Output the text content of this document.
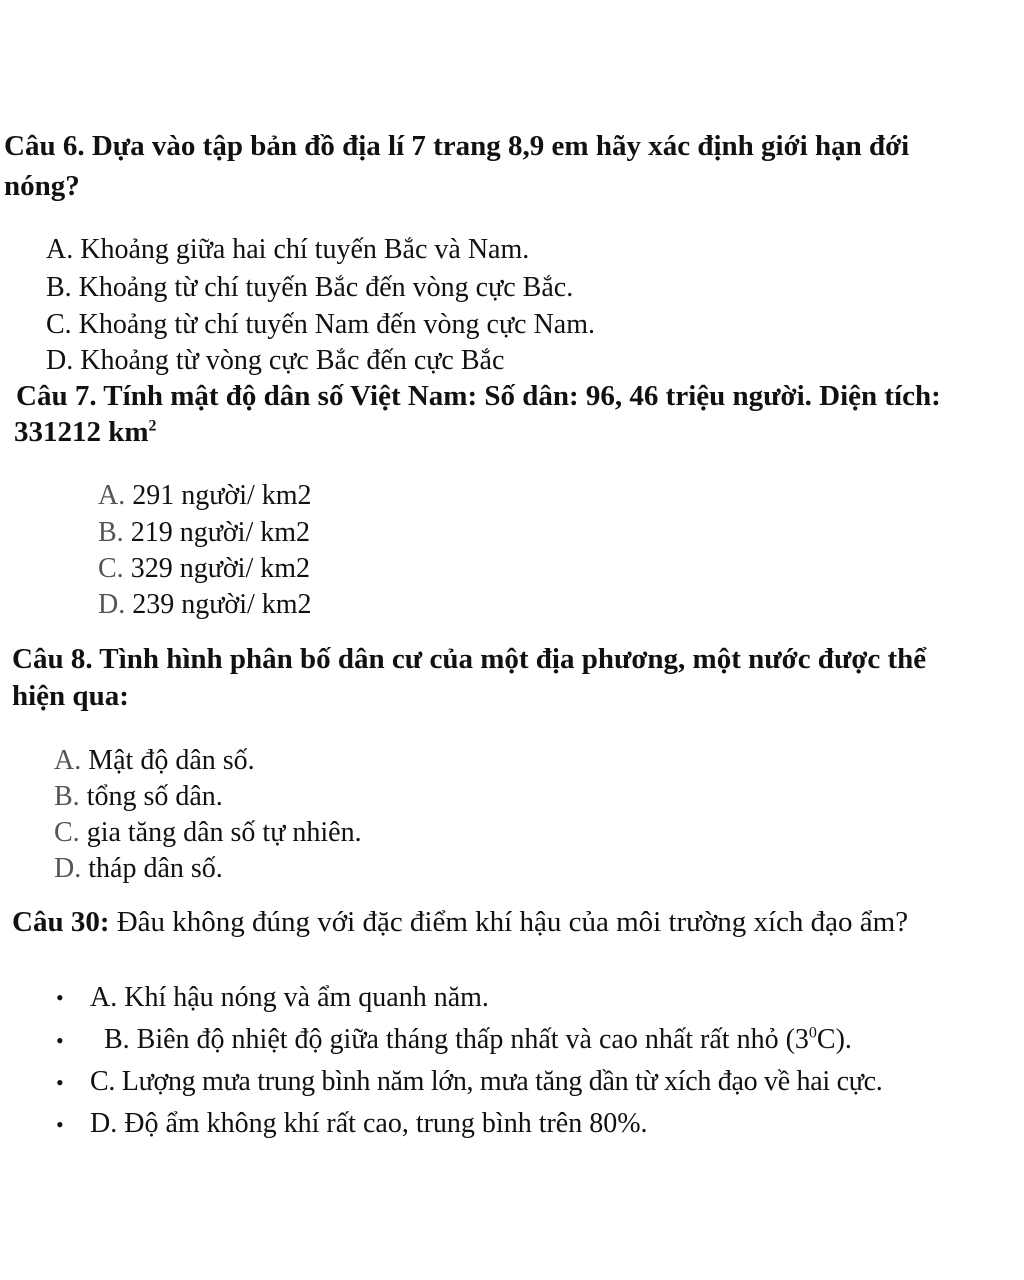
Câu 6. Dựa vào tập bản đồ địa lí 7 trang 8,9 em hãy xác định giới hạn đới
nóng?
A. Khoảng giữa hai chí tuyến Bắc và Nam.
B. Khoảng từ chí tuyến Bắc đến vòng cực Bắc.
C. Khoảng từ chí tuyến Nam đến vòng cực Nam.
D. Khoảng từ vòng cực Bắc đến cực Bắc
Câu 7. Tính mật độ dân số Việt Nam: Số dân: 96, 46 triệu người. Diện tích:
331212 $km^2$
A. 291 người/ km2
B. 219 người/ km2
C. 329 người/ km2
D. 239 người/ km2
Câu 8. Tình hình phân bố dân cư của một địa phương, một nước được thể
hiện qua:
A. Mật độ dân số.
B. tổng số dân.
C. gia tăng dân số tự nhiên.
D. tháp dân số.
Câu 30: Đâu không đúng với đặc điểm khí hậu của môi trường xích đạo ẩm?
• A. Khí hậu nóng và ẩm quanh năm.
• B. Biên độ nhiệt độ giữa tháng thấp nhất và cao nhất rất nhỏ $(3^0C)$.
• C. Lượng mưa trung bình năm lớn, mưa tăng dần từ xích đạo về hai cực.
• D. Độ ẩm không khí rất cao, trung bình trên 80%.
